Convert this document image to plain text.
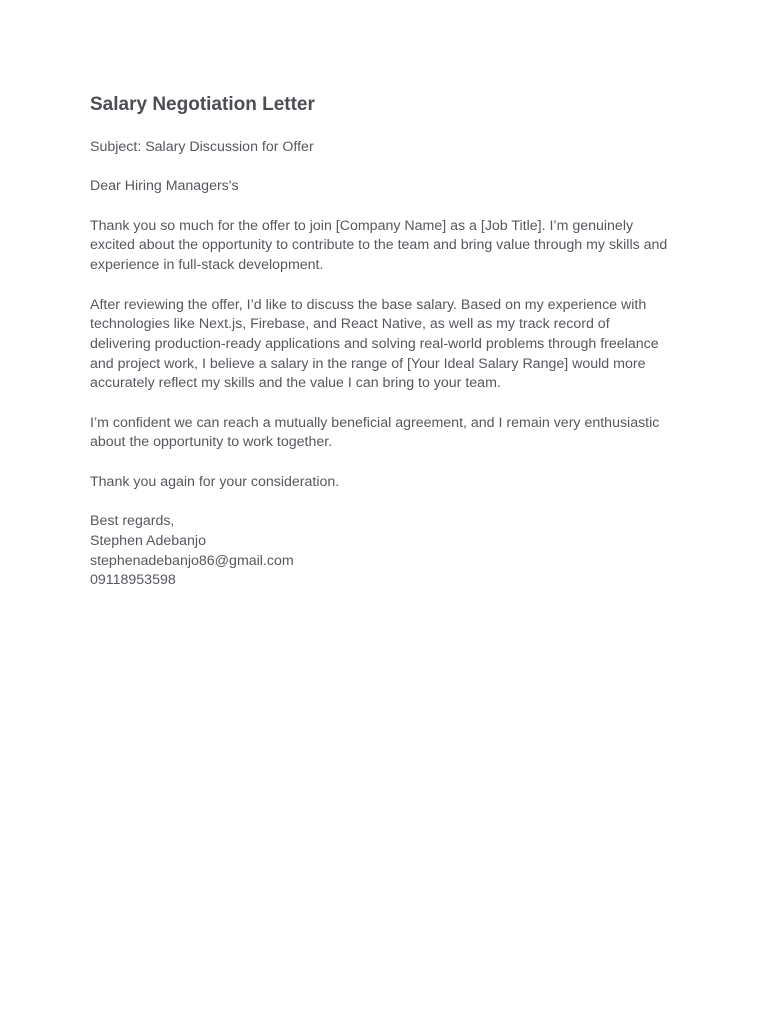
Salary Negotiation Letter
Subject: Salary Discussion for Offer
Dear Hiring Managers's
Thank you so much for the offer to join [Company Name] as a [Job Title]. I’m genuinely
excited about the opportunity to contribute to the team and bring value through my skills and
experience in full-stack development.
After reviewing the offer, I’d like to discuss the base salary. Based on my experience with
technologies like Next.js, Firebase, and React Native, as well as my track record of
delivering production-ready applications and solving real-world problems through freelance
and project work, I believe a salary in the range of [Your Ideal Salary Range] would more
accurately reflect my skills and the value I can bring to your team.
I’m confident we can reach a mutually beneficial agreement, and I remain very enthusiastic
about the opportunity to work together.
Thank you again for your consideration.
Best regards,
Stephen Adebanjo
stephenadebanjo86@gmail.com
09118953598
